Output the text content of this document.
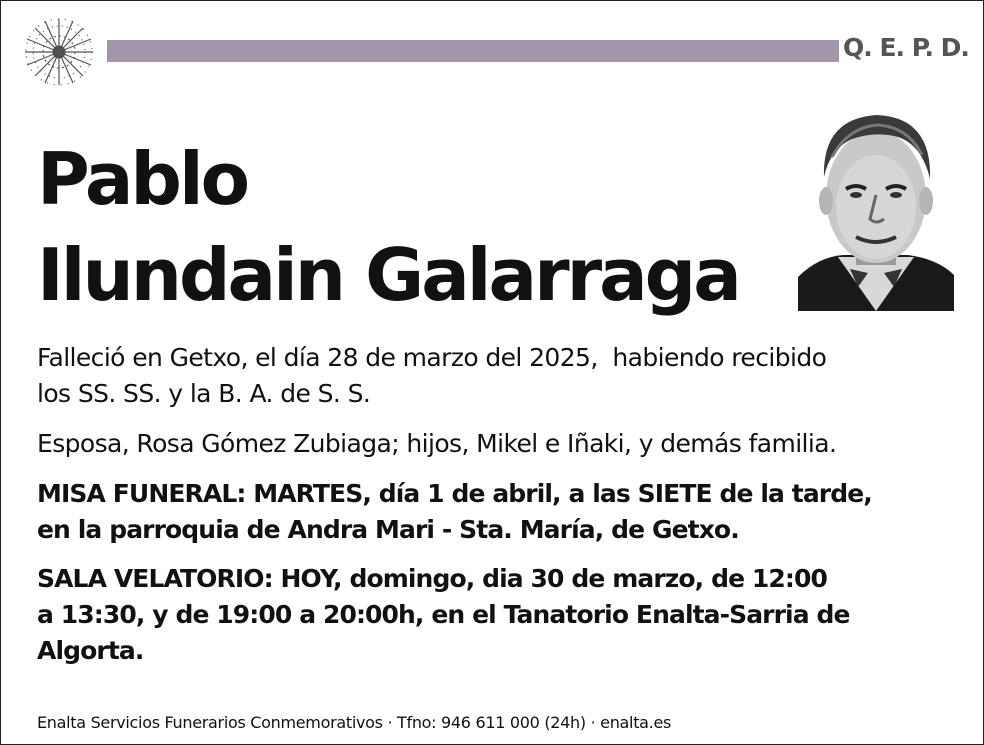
Q. E. P. D.
Pablo
Ilundain Galarraga
Falleció en Getxo, el día 28 de marzo del 2025,  habiendo recibido
los SS. SS. y la B. A. de S. S.
Esposa, Rosa Gómez Zubiaga; hijos, Mikel e Iñaki, y demás familia.
MISA FUNERAL: MARTES, día 1 de abril, a las SIETE de la tarde,
en la parroquia de Andra Mari - Sta. María, de Getxo.
SALA VELATORIO: HOY, domingo, dia 30 de marzo, de 12:00
a 13:30, y de 19:00 a 20:00h, en el Tanatorio Enalta-Sarria de
Algorta.
Enalta Servicios Funerarios Conmemorativos · Tfno: 946 611 000 (24h) · enalta.es
